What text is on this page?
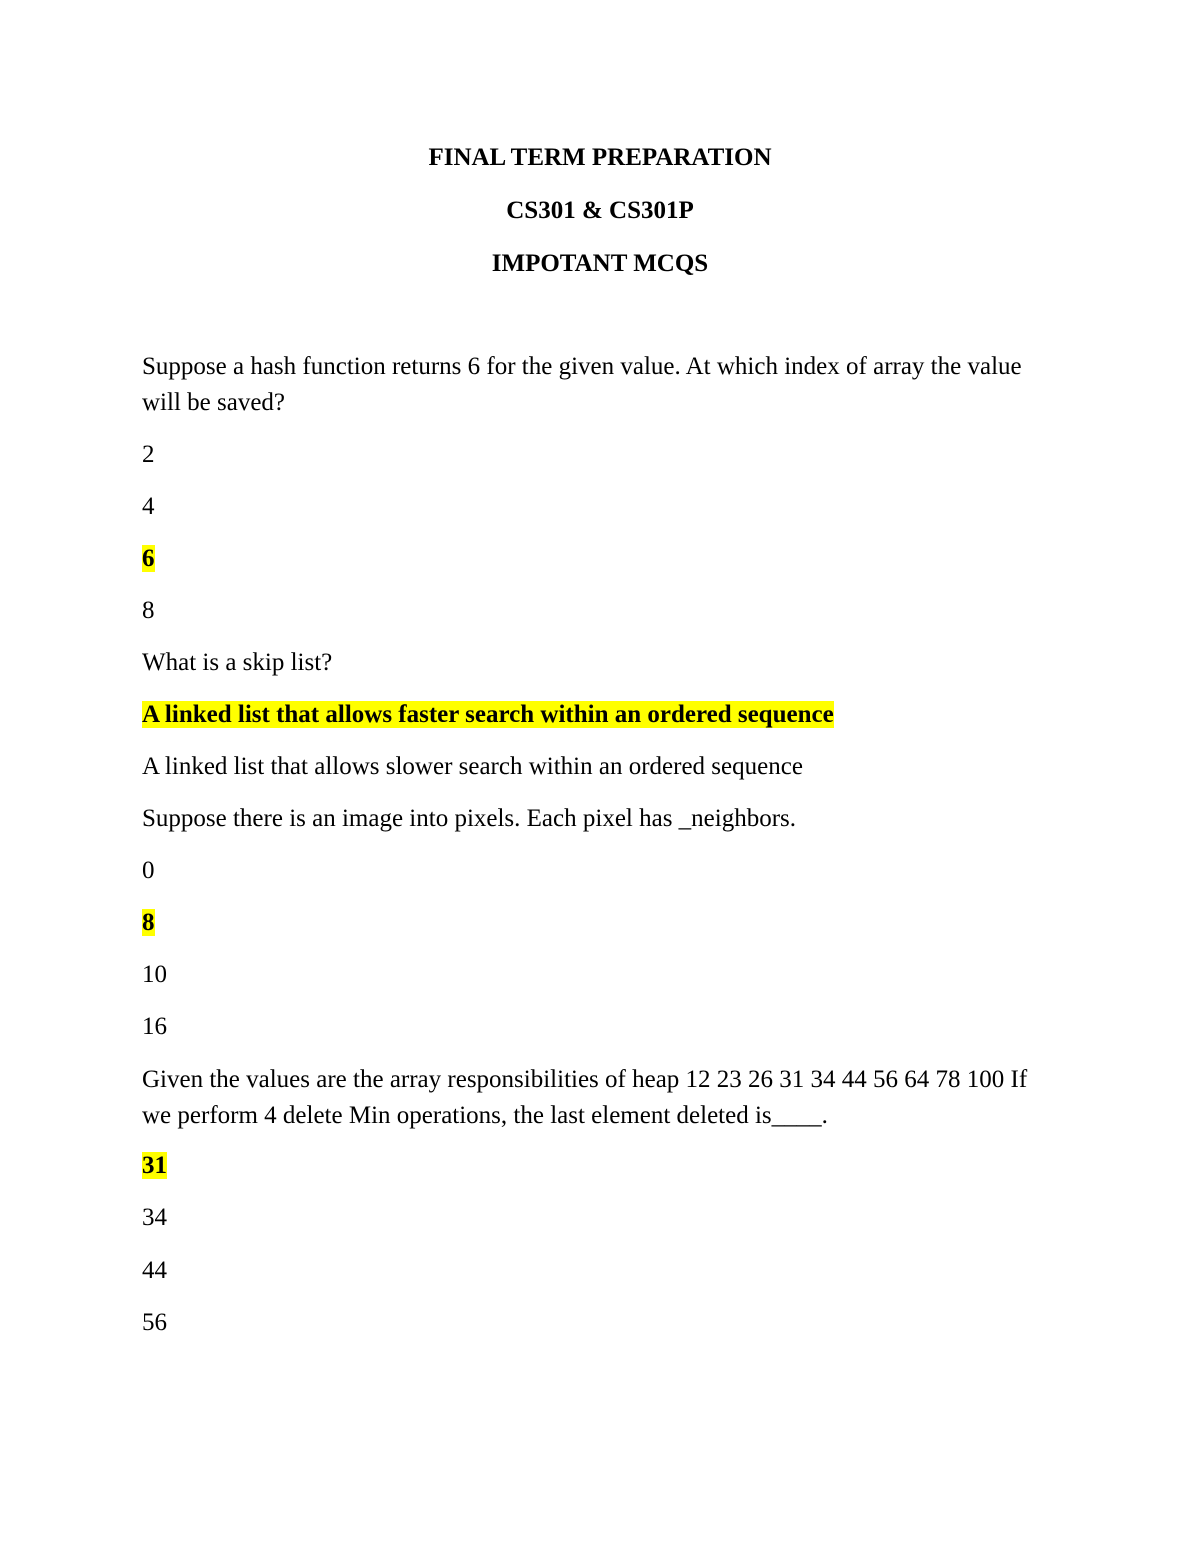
FINAL TERM PREPARATION

CS301 & CS301P

IMPOTANT MCQS

Suppose a hash function returns 6 for the given value. At which index of array the value will be saved?

2

4

6

8

What is a skip list?

A linked list that allows faster search within an ordered sequence

A linked list that allows slower search within an ordered sequence

Suppose there is an image into pixels. Each pixel has _neighbors.

0

8

10

16

Given the values are the array responsibilities of heap 12 23 26 31 34 44 56 64 78 100 If we perform 4 delete Min operations, the last element deleted is____.

31

34

44

56
